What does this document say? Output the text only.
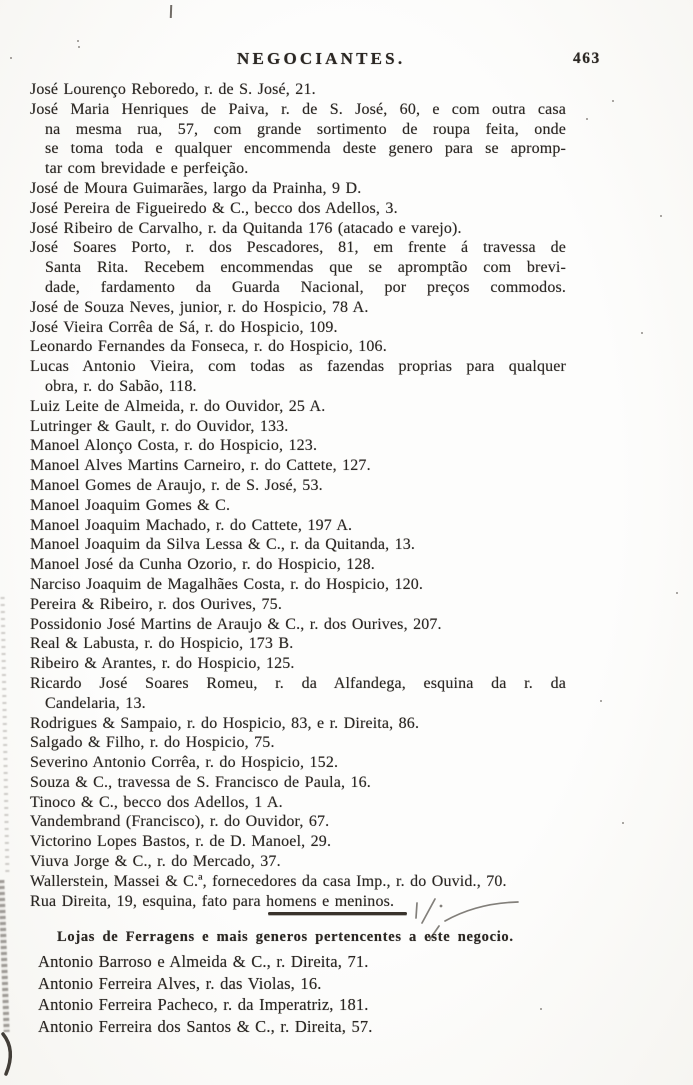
NEGOCIANTES.	463
José Lourenço Reboredo, r. de S. José, 21.
José Maria Henriques de Paiva, r. de S. José, 60, e com outra casa
na mesma rua, 57, com grande sortimento de roupa feita, onde
se toma toda e qualquer encommenda deste genero para se apromp-
tar com brevidade e perfeição.
José de Moura Guimarães, largo da Prainha, 9 D.
José Pereira de Figueiredo & C., becco dos Adellos, 3.
José Ribeiro de Carvalho, r. da Quitanda 176 (atacado e varejo).
José Soares Porto, r. dos Pescadores, 81, em frente á travessa de
Santa Rita. Recebem encommendas que se apromptão com brevi-
dade, fardamento da Guarda Nacional, por preços commodos.
José de Souza Neves, junior, r. do Hospicio, 78 A.
José Vieira Corrêa de Sá, r. do Hospicio, 109.
Leonardo Fernandes da Fonseca, r. do Hospicio, 106.
Lucas Antonio Vieira, com todas as fazendas proprias para qualquer
obra, r. do Sabão, 118.
Luiz Leite de Almeida, r. do Ouvidor, 25 A.
Lutringer & Gault, r. do Ouvidor, 133.
Manoel Alonço Costa, r. do Hospicio, 123.
Manoel Alves Martins Carneiro, r. do Cattete, 127.
Manoel Gomes de Araujo, r. de S. José, 53.
Manoel Joaquim Gomes & C.
Manoel Joaquim Machado, r. do Cattete, 197 A.
Manoel Joaquim da Silva Lessa & C., r. da Quitanda, 13.
Manoel José da Cunha Ozorio, r. do Hospicio, 128.
Narciso Joaquim de Magalhães Costa, r. do Hospicio, 120.
Pereira & Ribeiro, r. dos Ourives, 75.
Possidonio José Martins de Araujo & C., r. dos Ourives, 207.
Real & Labusta, r. do Hospicio, 173 B.
Ribeiro & Arantes, r. do Hospicio, 125.
Ricardo José Soares Romeu, r. da Alfandega, esquina da r. da
Candelaria, 13.
Rodrigues & Sampaio, r. do Hospicio, 83, e r. Direita, 86.
Salgado & Filho, r. do Hospicio, 75.
Severino Antonio Corrêa, r. do Hospicio, 152.
Souza & C., travessa de S. Francisco de Paula, 16.
Tinoco & C., becco dos Adellos, 1 A.
Vandembrand (Francisco), r. do Ouvidor, 67.
Victorino Lopes Bastos, r. de D. Manoel, 29.
Viuva Jorge & C., r. do Mercado, 37.
Wallerstein, Massei & C.ª, fornecedores da casa Imp., r. do Ouvid., 70.
Rua Direita, 19, esquina, fato para homens e meninos.
Lojas de Ferragens e mais generos pertencentes a este negocio.
Antonio Barroso e Almeida & C., r. Direita, 71.
Antonio Ferreira Alves, r. das Violas, 16.
Antonio Ferreira Pacheco, r. da Imperatriz, 181.
Antonio Ferreira dos Santos & C., r. Direita, 57.
